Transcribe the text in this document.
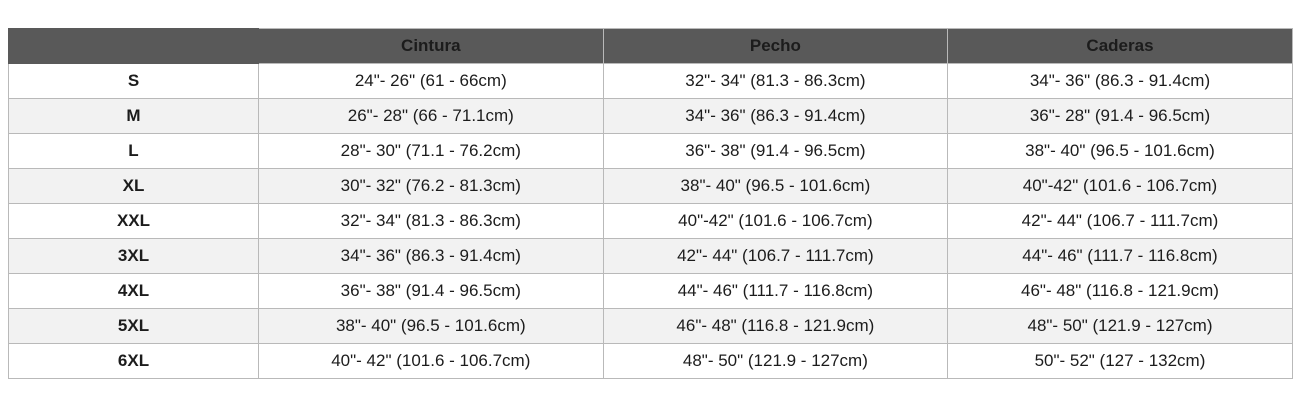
	Cintura	Pecho	Caderas
S	24"- 26" (61 - 66cm)	32"- 34" (81.3 - 86.3cm)	34"- 36" (86.3 - 91.4cm)
M	26"- 28" (66 - 71.1cm)	34"- 36" (86.3 - 91.4cm)	36"- 28" (91.4 - 96.5cm)
L	28"- 30" (71.1 - 76.2cm)	36"- 38" (91.4 - 96.5cm)	38"- 40" (96.5 - 101.6cm)
XL	30"- 32" (76.2 - 81.3cm)	38"- 40" (96.5 - 101.6cm)	40"-42" (101.6 - 106.7cm)
XXL	32"- 34" (81.3 - 86.3cm)	40"-42" (101.6 - 106.7cm)	42"- 44" (106.7 - 111.7cm)
3XL	34"- 36" (86.3 - 91.4cm)	42"- 44" (106.7 - 111.7cm)	44"- 46" (111.7 - 116.8cm)
4XL	36"- 38" (91.4 - 96.5cm)	44"- 46" (111.7 - 116.8cm)	46"- 48" (116.8 - 121.9cm)
5XL	38"- 40" (96.5 - 101.6cm)	46"- 48" (116.8 - 121.9cm)	48"- 50" (121.9 - 127cm)
6XL	40"- 42" (101.6 - 106.7cm)	48"- 50" (121.9 - 127cm)	50"- 52" (127 - 132cm)
